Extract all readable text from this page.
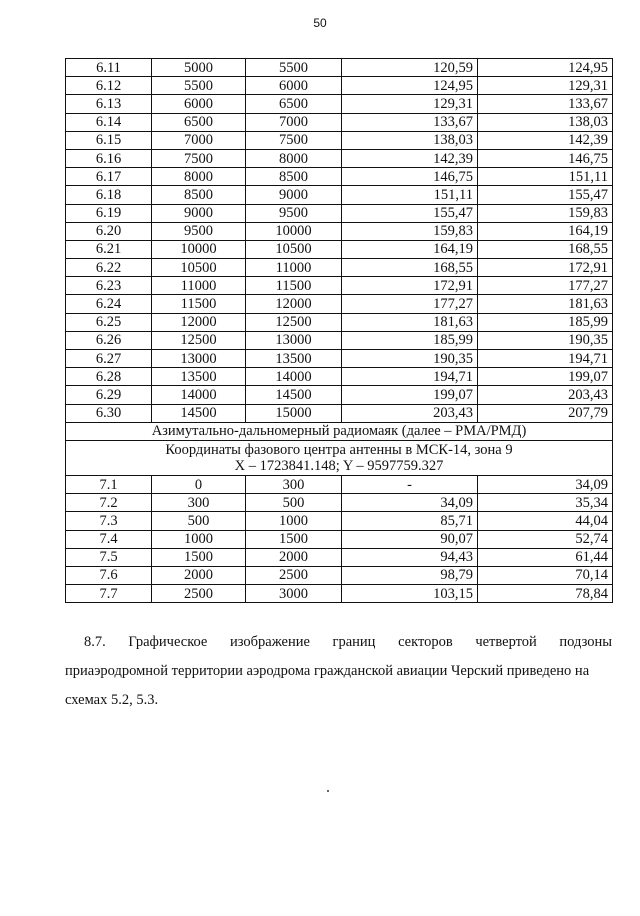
50
6.11	5000	5500	120,59	124,95
6.12	5500	6000	124,95	129,31
6.13	6000	6500	129,31	133,67
6.14	6500	7000	133,67	138,03
6.15	7000	7500	138,03	142,39
6.16	7500	8000	142,39	146,75
6.17	8000	8500	146,75	151,11
6.18	8500	9000	151,11	155,47
6.19	9000	9500	155,47	159,83
6.20	9500	10000	159,83	164,19
6.21	10000	10500	164,19	168,55
6.22	10500	11000	168,55	172,91
6.23	11000	11500	172,91	177,27
6.24	11500	12000	177,27	181,63
6.25	12000	12500	181,63	185,99
6.26	12500	13000	185,99	190,35
6.27	13000	13500	190,35	194,71
6.28	13500	14000	194,71	199,07
6.29	14000	14500	199,07	203,43
6.30	14500	15000	203,43	207,79
Азимутально-дальномерный радиомаяк (далее – РМА/РМД)				

Координаты фазового центра антенны в МСК-14, зона 9
X – 1723841.148; Y – 9597759.327				

7.1	0	300	-	34,09
7.2	300	500	34,09	35,34
7.3	500	1000	85,71	44,04
7.4	1000	1500	90,07	52,74
7.5	1500	2000	94,43	61,44
7.6	2000	2500	98,79	70,14
7.7	2500	3000	103,15	78,84
8.7. Графическое изображение границ секторов четвертой подзоны
приаэродромной территории аэродрома гражданской авиации Черский приведено на
схемах 5.2, 5.3.
